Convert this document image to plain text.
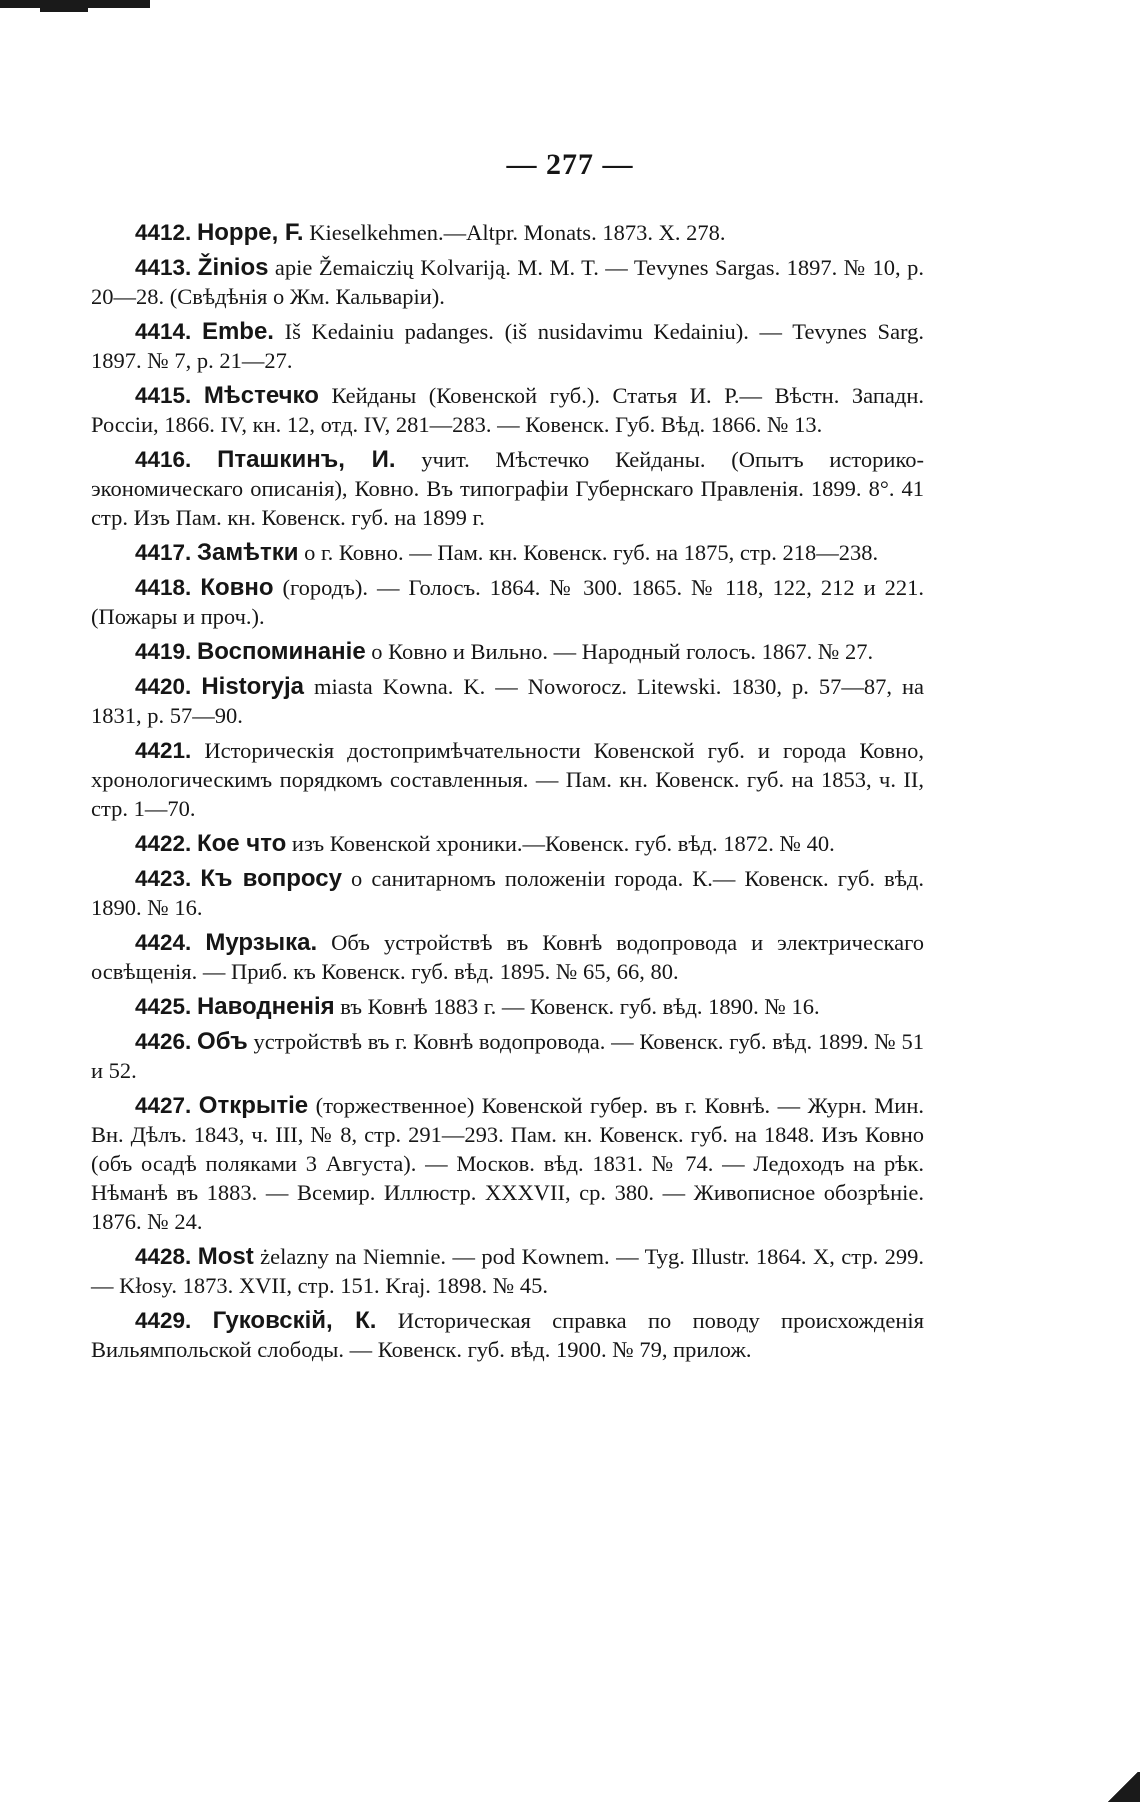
— 277 —

4412. Hoppe, F. Kieselkehmen.—Altpr. Monats. 1873. X. 278.

4413. Žinios apie Žemaiczių Kolvariją. M. M. T. — Tevynes Sargas. 1897. № 10, p. 20—28. (Свѣдѣнія о Жм. Кальваріи).

4414. Embe. Iš Kedainiu padanges. (iš nusidavimu Kedainiu). — Tevynes Sarg. 1897. № 7, p. 21—27.

4415. Мѣстечко Кейданы (Ковенской губ.). Статья И. Р.— Вѣстн. Западн. Россіи, 1866. IV, кн. 12, отд. IV, 281—283. — Ковенск. Губ. Вѣд. 1866. № 13.

4416. Пташкинъ, И. учит. Мѣстечко Кейданы. (Опытъ историко-экономическаго описанія), Ковно. Въ типографіи Губернскаго Правленія. 1899. 8°. 41 стр. Изъ Пам. кн. Ковенск. губ. на 1899 г.

4417. Замѣтки о г. Ковно. — Пам. кн. Ковенск. губ. на 1875, стр. 218—238.

4418. Ковно (городъ). — Голосъ. 1864. № 300. 1865. № 118, 122, 212 и 221. (Пожары и проч.).

4419. Воспоминаніе о Ковно и Вильно. — Народный голосъ. 1867. № 27.

4420. Historyja miasta Kowna. K. — Noworocz. Litewski. 1830, p. 57—87, на 1831, p. 57—90.

4421. Историческія достопримѣчательности Ковенской губ. и города Ковно, хронологическимъ порядкомъ составленныя. — Пам. кн. Ковенск. губ. на 1853, ч. II, стр. 1—70.

4422. Кое что изъ Ковенской хроники.—Ковенск. губ. вѣд. 1872. № 40.

4423. Къ вопросу о санитарномъ положеніи города. К.— Ковенск. губ. вѣд. 1890. № 16.

4424. Мурзыка. Объ устройствѣ въ Ковнѣ водопровода и электрическаго освѣщенія. — Приб. къ Ковенск. губ. вѣд. 1895. № 65, 66, 80.

4425. Наводненія въ Ковнѣ 1883 г. — Ковенск. губ. вѣд. 1890. № 16.

4426. Объ устройствѣ въ г. Ковнѣ водопровода. — Ковенск. губ. вѣд. 1899. № 51 и 52.

4427. Открытіе (торжественное) Ковенской губер. въ г. Ковнѣ. — Журн. Мин. Вн. Дѣлъ. 1843, ч. III, № 8, стр. 291—293. Пам. кн. Ковенск. губ. на 1848. Изъ Ковно (объ осадѣ поляками 3 Августа). — Москов. вѣд. 1831. № 74. — Ледоходъ на рѣк. Нѣманѣ въ 1883. — Всемир. Иллюстр. XXXVII, ср. 380. — Живописное обозрѣніе. 1876. № 24.

4428. Most żelazny na Niemnie. — pod Kownem. — Tyg. Illustr. 1864. X, стр. 299. — Kłosy. 1873. XVII, стр. 151. Kraj. 1898. № 45.

4429. Гуковскій, К. Историческая справка по поводу происхожденія Вильямпольской слободы. — Ковенск. губ. вѣд. 1900. № 79, прилож.
